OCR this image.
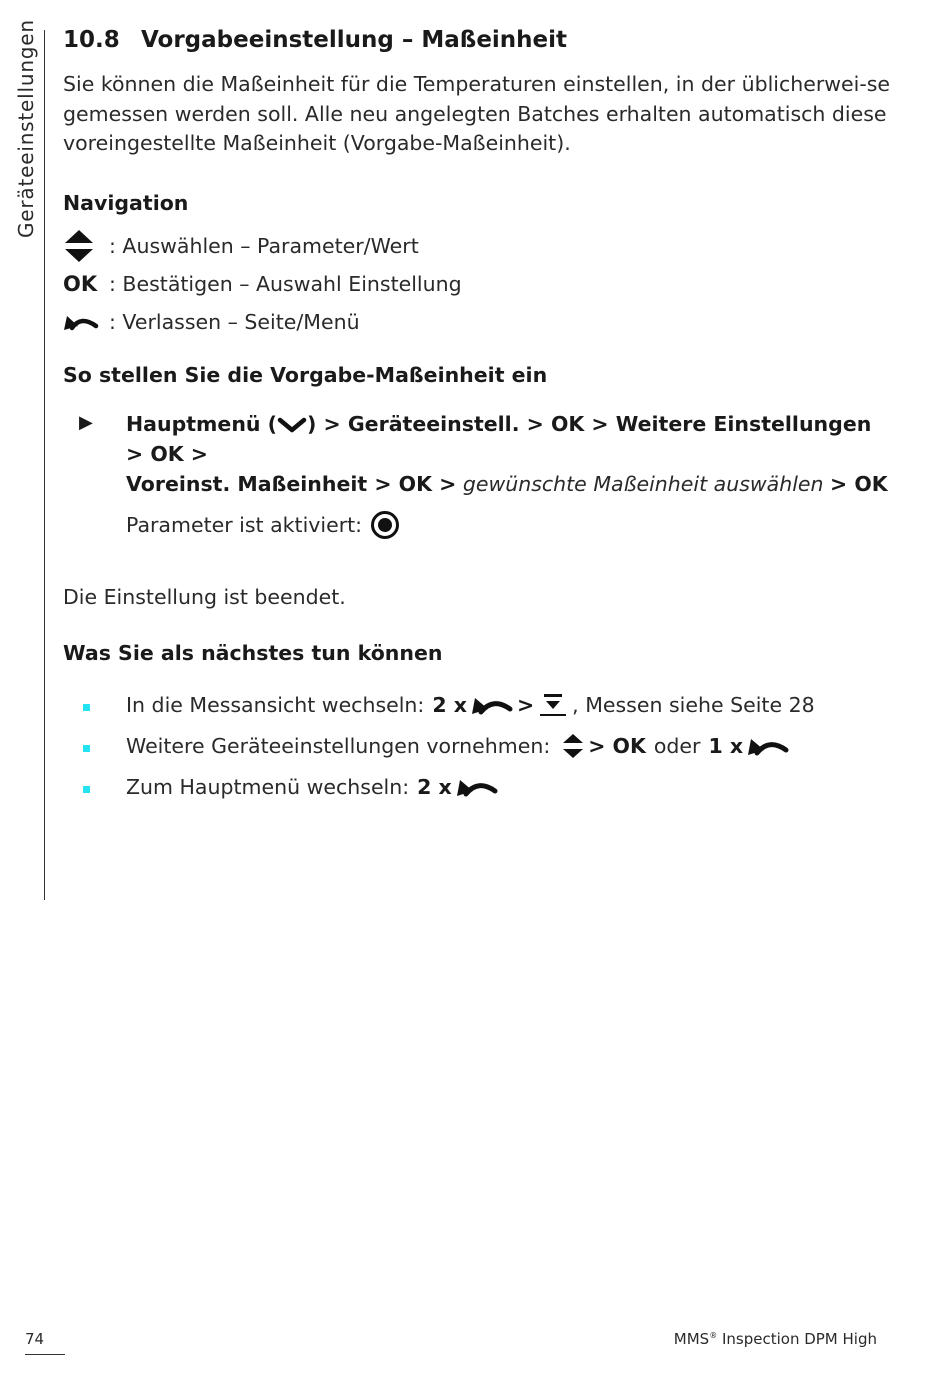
Geräteeinstellungen 10.8 Vorgabeeinstellung – Maßeinheit

Sie können die Maßeinheit für die Temperaturen einstellen, in der üblicherwei-se gemessen werden soll. Alle neu angelegten Batches erhalten automatisch diese voreingestellte Maßeinheit (Vorgabe-Maßeinheit).

Navigation
: Auswählen – Parameter/Wert
OK : Bestätigen – Auswahl Einstellung
: Verlassen – Seite/Menü
So stellen Sie die Vorgabe-Maßeinheit ein
▶ Hauptmenü ( ) > Geräteeinstell. > OK > Weitere Einstellungen > OK >
Voreinst. Maßeinheit > OK > gewünschte Maßeinheit auswählen > OK
Parameter ist aktiviert:

Die Einstellung ist beendet.

Was Sie als nächstes tun können
In die Messansicht wechseln: 2 x > , Messen siehe Seite 28
Weitere Geräteeinstellungen vornehmen: > OK oder 1 x
Zum Hauptmenü wechseln: 2 x
74	MMS® Inspection DPM High
